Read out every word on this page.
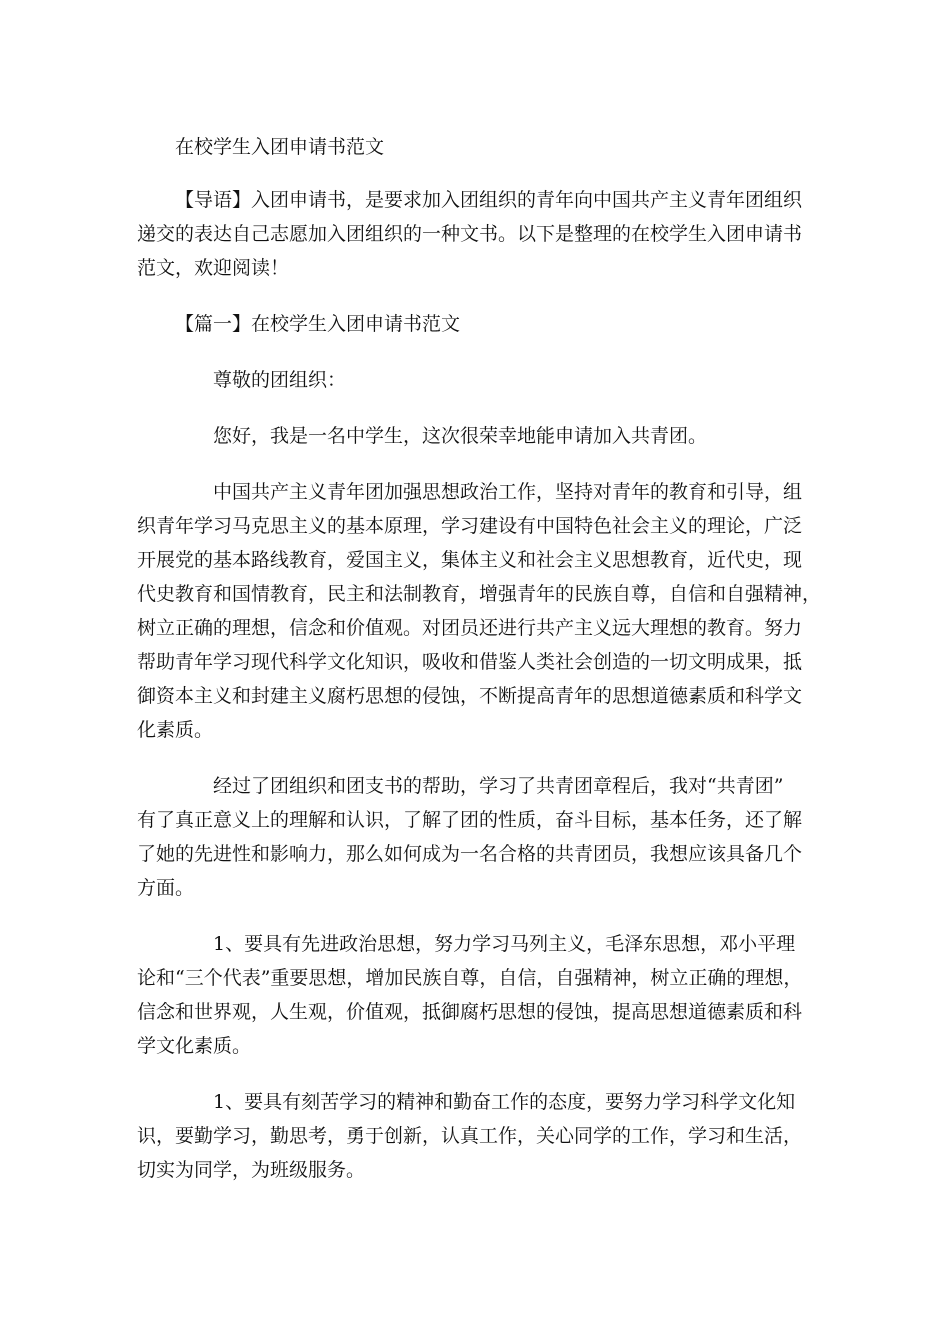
在校学生入团申请书范文

【导语】入团申请书，是要求加入团组织的青年向中国共产主义青年团组织

递交的表达自己志愿加入团组织的一种文书。以下是整理的在校学生入团申请书

范文，欢迎阅读！

【篇一】在校学生入团申请书范文

尊敬的团组织：

您好，我是一名中学生，这次很荣幸地能申请加入共青团。

中国共产主义青年团加强思想政治工作，坚持对青年的教育和引导，组

织青年学习马克思主义的基本原理，学习建设有中国特色社会主义的理论，广泛

开展党的基本路线教育，爱国主义，集体主义和社会主义思想教育，近代史，现

代史教育和国情教育，民主和法制教育，增强青年的民族自尊，自信和自强精神，

树立正确的理想，信念和价值观。对团员还进行共产主义远大理想的教育。努力

帮助青年学习现代科学文化知识，吸收和借鉴人类社会创造的一切文明成果，抵

御资本主义和封建主义腐朽思想的侵蚀，不断提高青年的思想道德素质和科学文

化素质。

经过了团组织和团支书的帮助，学习了共青团章程后，我对“共青团”

有了真正意义上的理解和认识，了解了团的性质，奋斗目标，基本任务，还了解

了她的先进性和影响力，那么如何成为一名合格的共青团员，我想应该具备几个

方面。

1、要具有先进政治思想，努力学习马列主义，毛泽东思想，邓小平理

论和“三个代表”重要思想，增加民族自尊，自信，自强精神，树立正确的理想，

信念和世界观，人生观，价值观，抵御腐朽思想的侵蚀，提高思想道德素质和科

学文化素质。

1、要具有刻苦学习的精神和勤奋工作的态度，要努力学习科学文化知

识，要勤学习，勤思考，勇于创新，认真工作，关心同学的工作，学习和生活，

切实为同学，为班级服务。
